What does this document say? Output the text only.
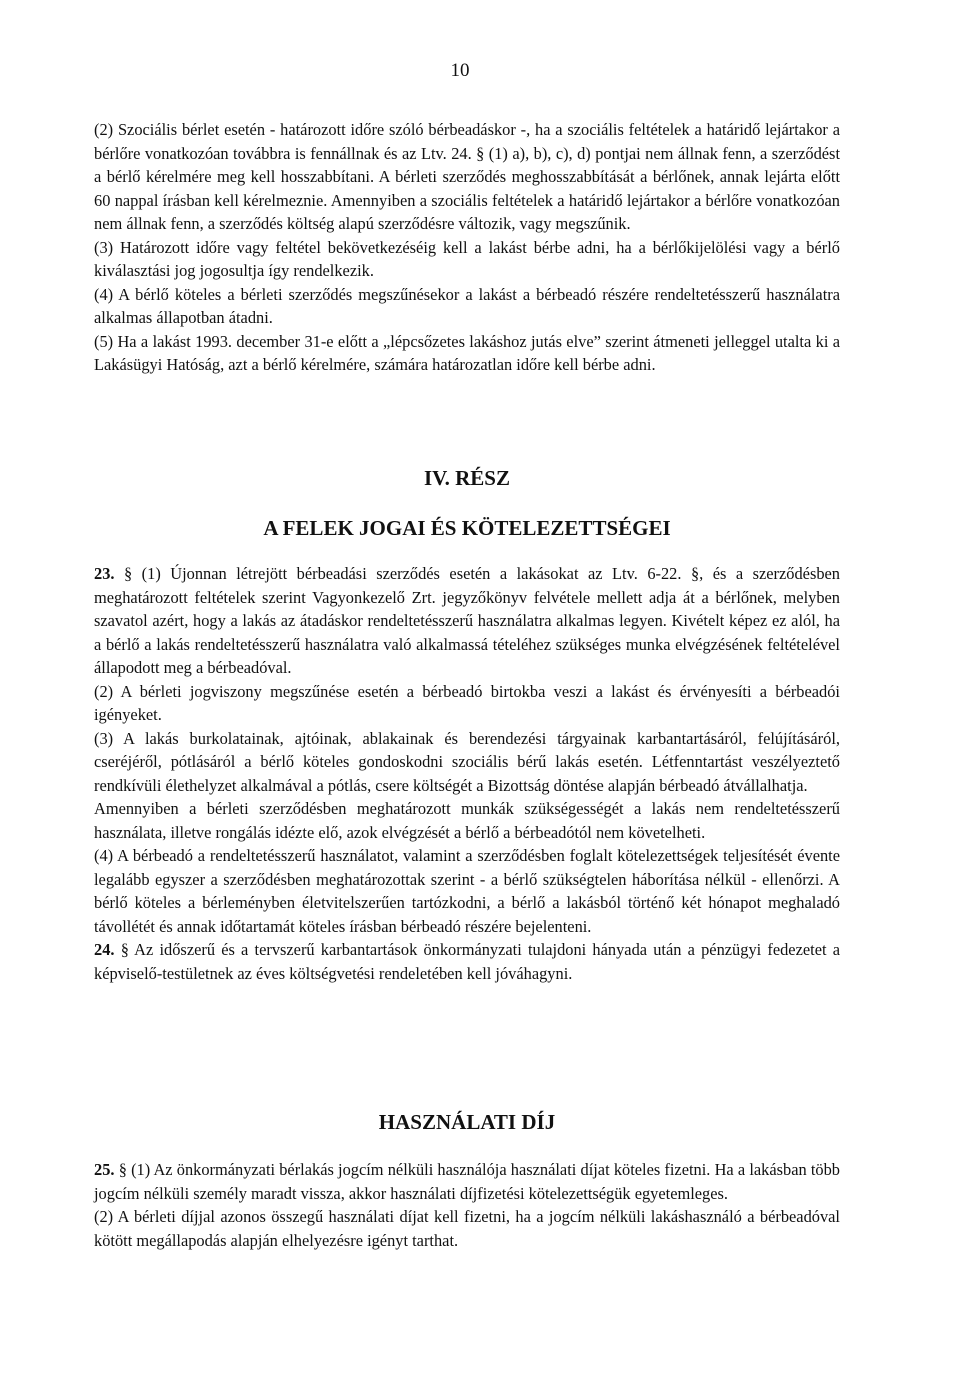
10

(2) Szociális bérlet esetén - határozott időre szóló bérbeadáskor -, ha a szociális feltételek a határidő lejártakor a bérlőre vonatkozóan továbbra is fennállnak és az Ltv. 24. § (1) a), b), c), d) pontjai nem állnak fenn, a szerződést a bérlő kérelmére meg kell hosszabbítani. A bérleti szerződés meghosszabbítását a bérlőnek, annak lejárta előtt 60 nappal írásban kell kérelmeznie. Amennyiben a szociális feltételek a határidő lejártakor a bérlőre vonatkozóan nem állnak fenn, a szerződés költség alapú szerződésre változik, vagy megszűnik.

(3) Határozott időre vagy feltétel bekövetkezéséig kell a lakást bérbe adni, ha a bérlőkijelölési vagy a bérlő kiválasztási jog jogosultja így rendelkezik.

(4) A bérlő köteles a bérleti szerződés megszűnésekor a lakást a bérbeadó részére rendeltetésszerű használatra alkalmas állapotban átadni.

(5) Ha a lakást 1993. december 31-e előtt a „lépcsőzetes lakáshoz jutás elve” szerint átmeneti jelleggel utalta ki a Lakásügyi Hatóság, azt a bérlő kérelmére, számára határozatlan időre kell bérbe adni.

IV. RÉSZ
A FELEK JOGAI ÉS KÖTELEZETTSÉGEI

23. § (1) Újonnan létrejött bérbeadási szerződés esetén a lakásokat az Ltv. 6-22. §, és a szerződésben meghatározott feltételek szerint Vagyonkezelő Zrt. jegyzőkönyv felvétele mellett adja át a bérlőnek, melyben szavatol azért, hogy a lakás az átadáskor rendeltetésszerű használatra alkalmas legyen. Kivételt képez ez alól, ha a bérlő a lakás rendeltetésszerű használatra való alkalmassá tételéhez szükséges munka elvégzésének feltételével állapodott meg a bérbeadóval.

(2) A bérleti jogviszony megszűnése esetén a bérbeadó birtokba veszi a lakást és érvényesíti a bérbeadói igényeket.

(3) A lakás burkolatainak, ajtóinak, ablakainak és berendezési tárgyainak karbantartásáról, felújításáról, cseréjéről, pótlásáról a bérlő köteles gondoskodni szociális bérű lakás esetén. Létfenntartást veszélyeztető rendkívüli élethelyzet alkalmával a pótlás, csere költségét a Bizottság döntése alapján bérbeadó átvállalhatja.

Amennyiben a bérleti szerződésben meghatározott munkák szükségességét a lakás nem rendeltetésszerű használata, illetve rongálás idézte elő, azok elvégzését a bérlő a bérbeadótól nem követelheti.

(4) A bérbeadó a rendeltetésszerű használatot, valamint a szerződésben foglalt kötelezettségek teljesítését évente legalább egyszer a szerződésben meghatározottak szerint - a bérlő szükségtelen háborítása nélkül - ellenőrzi. A bérlő köteles a bérleményben életvitelszerűen tartózkodni, a bérlő a lakásból történő két hónapot meghaladó távollétét és annak időtartamát köteles írásban bérbeadó részére bejelenteni.

24. § Az időszerű és a tervszerű karbantartások önkormányzati tulajdoni hányada után a pénzügyi fedezetet a képviselő-testületnek az éves költségvetési rendeletében kell jóváhagyni.

HASZNÁLATI DÍJ

25. § (1) Az önkormányzati bérlakás jogcím nélküli használója használati díjat köteles fizetni. Ha a lakásban több jogcím nélküli személy maradt vissza, akkor használati díjfizetési kötelezettségük egyetemleges.

(2) A bérleti díjjal azonos összegű használati díjat kell fizetni, ha a jogcím nélküli lakáshasználó a bérbeadóval kötött megállapodás alapján elhelyezésre igényt tarthat.
